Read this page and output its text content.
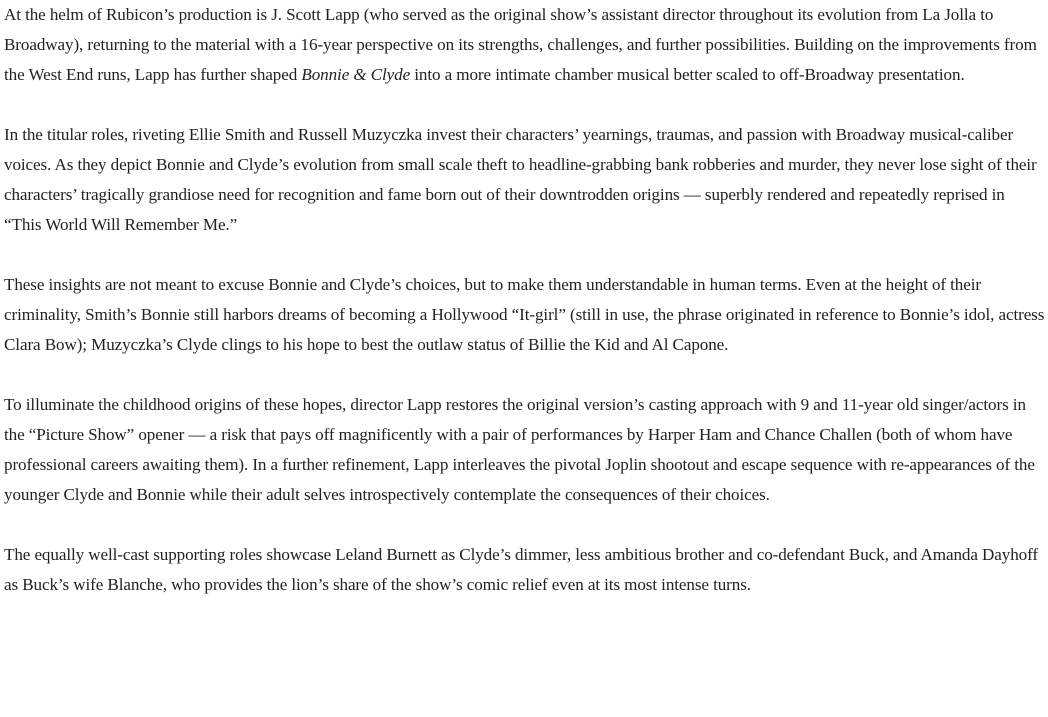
At the helm of Rubicon’s production is J. Scott Lapp (who served as the original show’s assistant director throughout its evolution from La Jolla to Broadway), returning to the material with a 16-year perspective on its strengths, challenges, and further possibilities. Building on the improvements from the West End runs, Lapp has further shaped Bonnie & Clyde into a more intimate chamber musical better scaled to off-Broadway presentation.

In the titular roles, riveting Ellie Smith and Russell Muzyczka invest their characters’ yearnings, traumas, and passion with Broadway musical-caliber voices. As they depict Bonnie and Clyde’s evolution from small scale theft to headline-grabbing bank robberies and murder, they never lose sight of their characters’ tragically grandiose need for recognition and fame born out of their downtrodden origins — superbly rendered and repeatedly reprised in “This World Will Remember Me.”

These insights are not meant to excuse Bonnie and Clyde’s choices, but to make them understandable in human terms. Even at the height of their criminality, Smith’s Bonnie still harbors dreams of becoming a Hollywood “It-girl” (still in use, the phrase originated in reference to Bonnie’s idol, actress Clara Bow); Muzyczka’s Clyde clings to his hope to best the outlaw status of Billie the Kid and Al Capone.

To illuminate the childhood origins of these hopes, director Lapp restores the original version’s casting approach with 9 and 11-year old singer/actors in the “Picture Show” opener — a risk that pays off magnificently with a pair of performances by Harper Ham and Chance Challen (both of whom have professional careers awaiting them). In a further refinement, Lapp interleaves the pivotal Joplin shootout and escape sequence with re-appearances of the younger Clyde and Bonnie while their adult selves introspectively contemplate the consequences of their choices.

The equally well-cast supporting roles showcase Leland Burnett as Clyde’s dimmer, less ambitious brother and co-defendant Buck, and Amanda Dayhoff as Buck’s wife Blanche, who provides the lion’s share of the show’s comic relief even at its most intense turns.
